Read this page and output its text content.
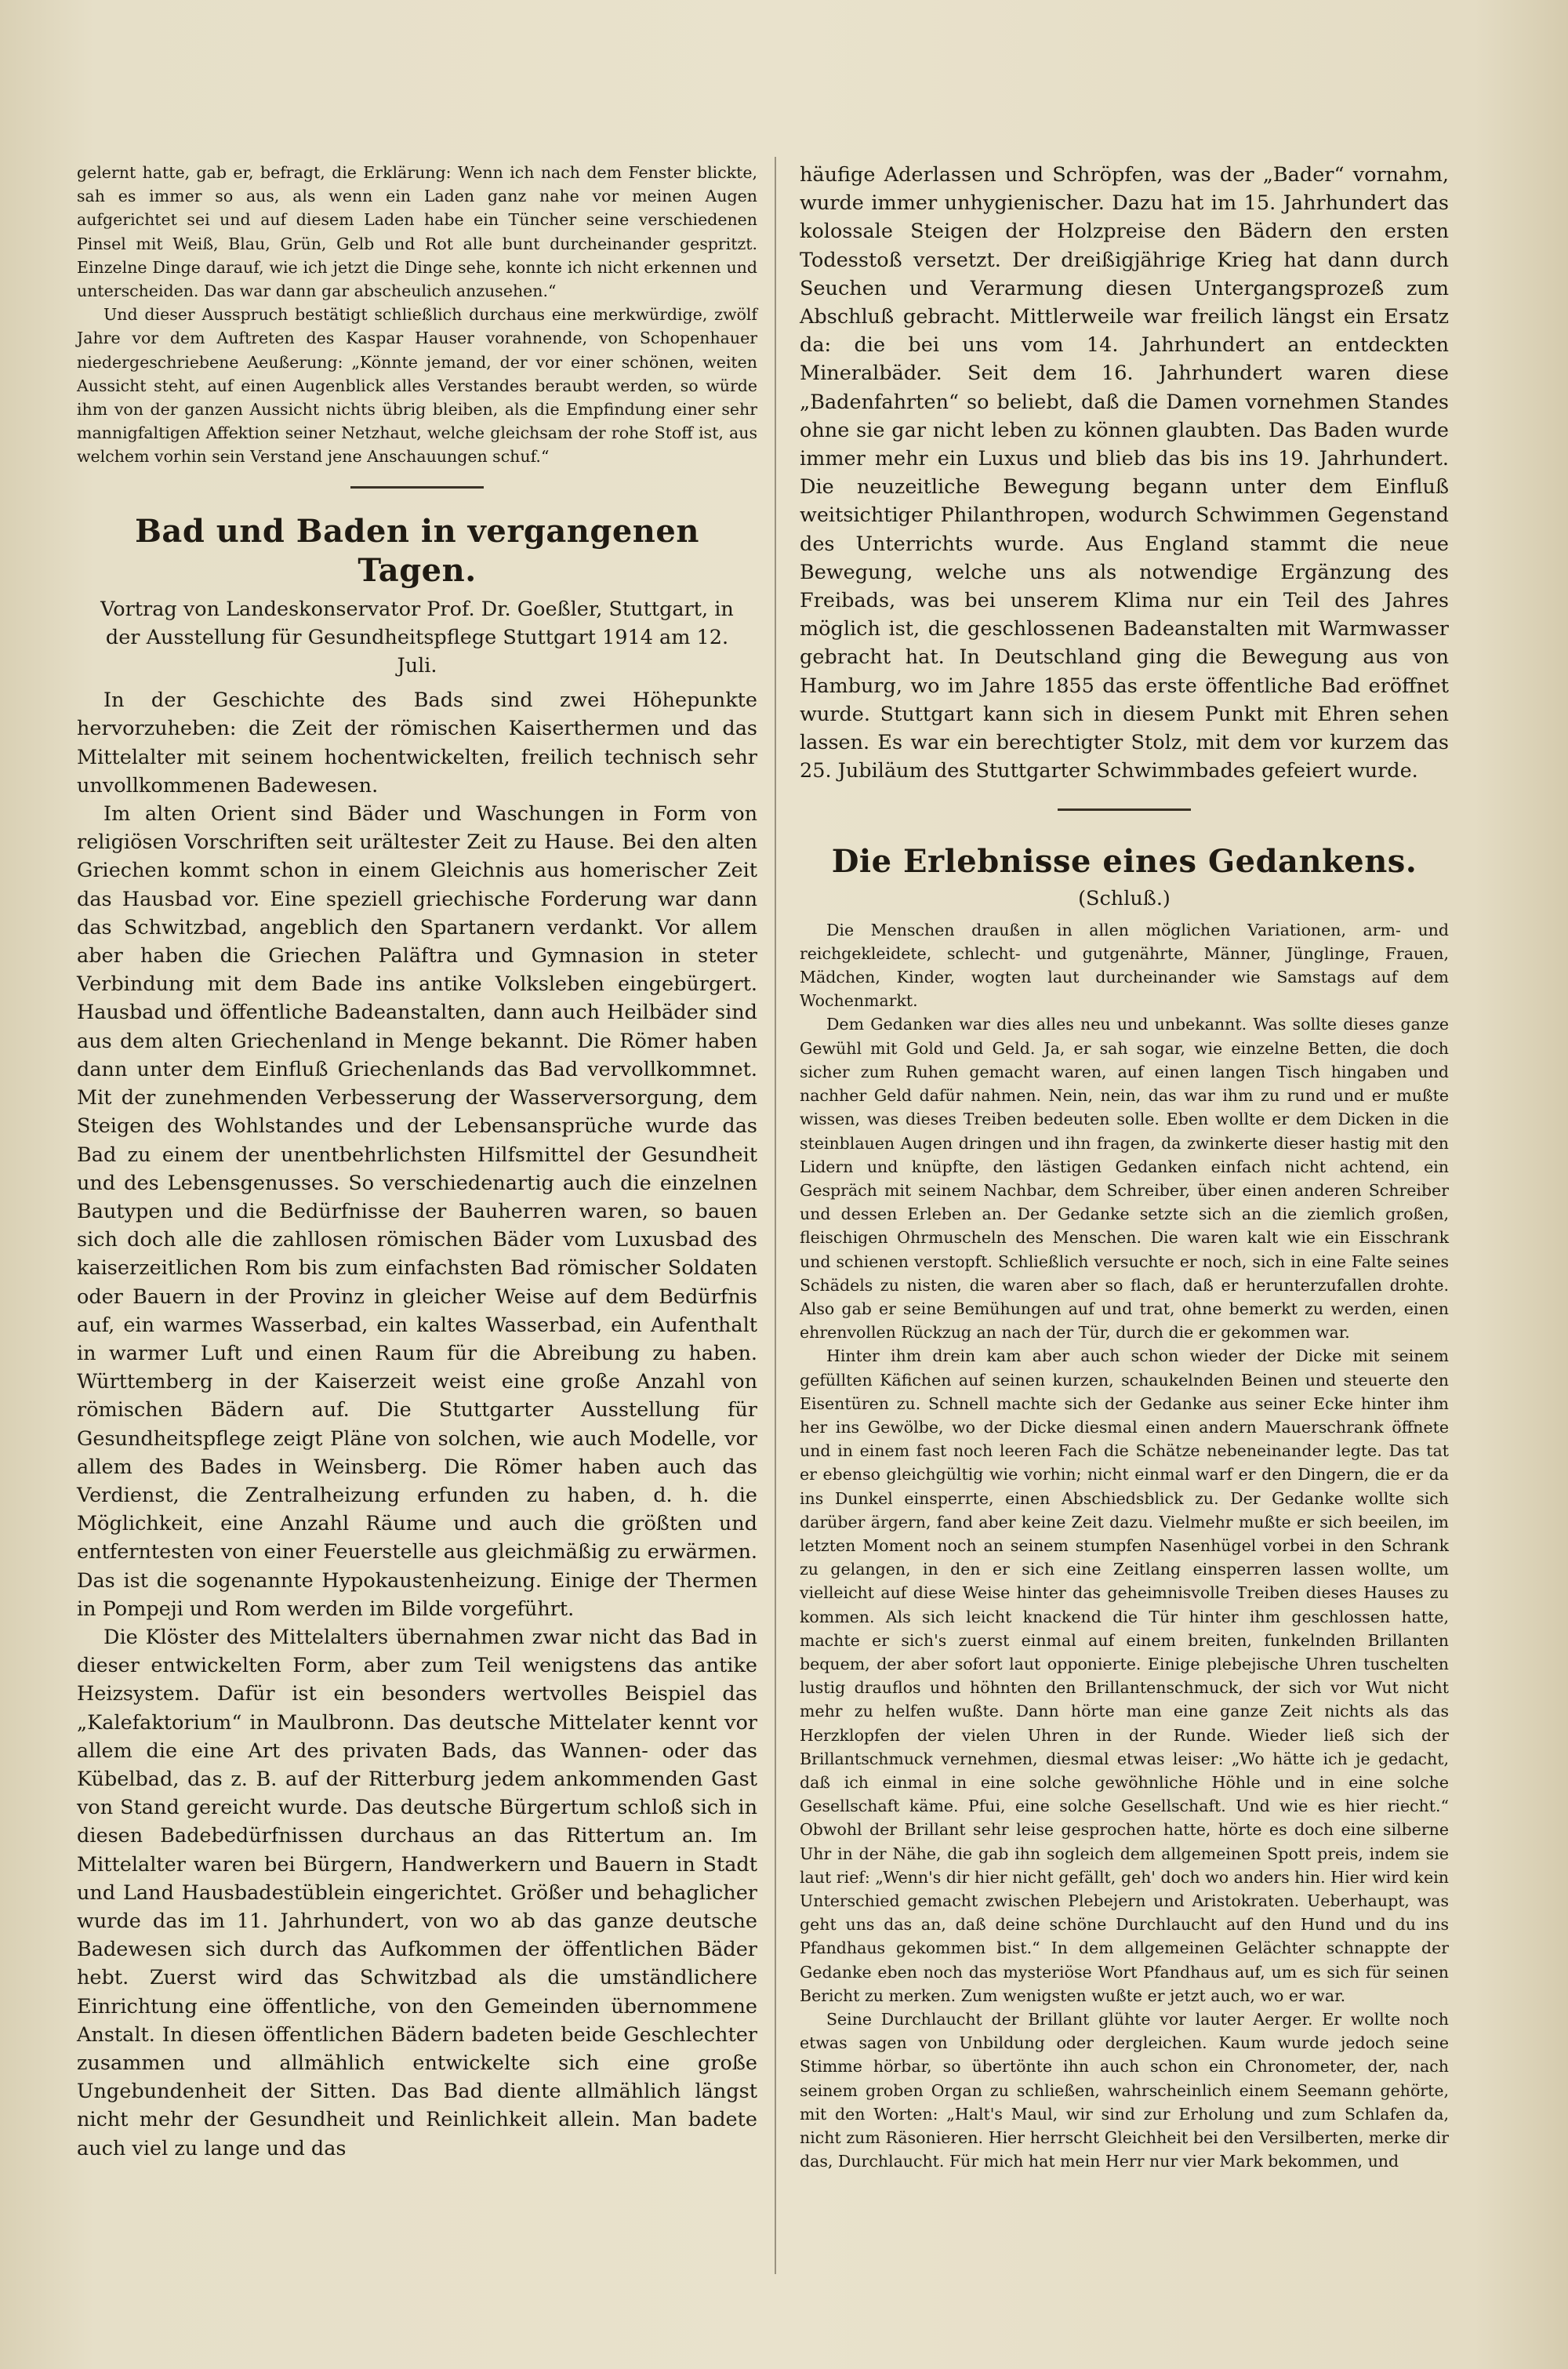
gelernt hatte, gab er, befragt, die Erklärung: Wenn ich nach dem Fenster blickte, sah es immer so aus, als wenn ein Laden ganz nahe vor meinen Augen aufgerichtet sei und auf diesem Laden habe ein Tüncher seine verschiedenen Pinsel mit Weiß, Blau, Grün, Gelb und Rot alle bunt durcheinander gespritzt. Einzelne Dinge darauf, wie ich jetzt die Dinge sehe, konnte ich nicht erkennen und unterscheiden. Das war dann gar abscheulich anzusehen.“

Und dieser Ausspruch bestätigt schließlich durchaus eine merkwürdige, zwölf Jahre vor dem Auftreten des Kaspar Hauser vorahnende, von Schopenhauer niedergeschriebene Aeußerung: „Könnte jemand, der vor einer schönen, weiten Aussicht steht, auf einen Augenblick alles Verstandes beraubt werden, so würde ihm von der ganzen Aussicht nichts übrig bleiben, als die Empfindung einer sehr mannigfaltigen Affektion seiner Netzhaut, welche gleichsam der rohe Stoff ist, aus welchem vorhin sein Verstand jene Anschauungen schuf.“

Bad und Baden in vergangenen Tagen.

Vortrag von Landeskonservator Prof. Dr. Goeßler, Stuttgart, in der Ausstellung für Gesundheitspflege Stuttgart 1914 am 12. Juli.

In der Geschichte des Bads sind zwei Höhepunkte hervorzuheben: die Zeit der römischen Kaiserthermen und das Mittelalter mit seinem hochentwickelten, freilich technisch sehr unvollkommenen Badewesen.

Im alten Orient sind Bäder und Waschungen in Form von religiösen Vorschriften seit urältester Zeit zu Hause. Bei den alten Griechen kommt schon in einem Gleichnis aus homerischer Zeit das Hausbad vor. Eine speziell griechische Forderung war dann das Schwitzbad, angeblich den Spartanern verdankt. Vor allem aber haben die Griechen Paläftra und Gymnasion in steter Verbindung mit dem Bade ins antike Volksleben eingebürgert. Hausbad und öffentliche Badeanstalten, dann auch Heilbäder sind aus dem alten Griechenland in Menge bekannt. Die Römer haben dann unter dem Einfluß Griechenlands das Bad vervollkommnet. Mit der zunehmenden Verbesserung der Wasserversorgung, dem Steigen des Wohlstandes und der Lebensansprüche wurde das Bad zu einem der unentbehrlichsten Hilfsmittel der Gesundheit und des Lebensgenusses. So verschiedenartig auch die einzelnen Bautypen und die Bedürfnisse der Bauherren waren, so bauen sich doch alle die zahllosen römischen Bäder vom Luxusbad des kaiserzeitlichen Rom bis zum einfachsten Bad römischer Soldaten oder Bauern in der Provinz in gleicher Weise auf dem Bedürfnis auf, ein warmes Wasserbad, ein kaltes Wasserbad, ein Aufenthalt in warmer Luft und einen Raum für die Abreibung zu haben. Württemberg in der Kaiserzeit weist eine große Anzahl von römischen Bädern auf. Die Stuttgarter Ausstellung für Gesundheitspflege zeigt Pläne von solchen, wie auch Modelle, vor allem des Bades in Weinsberg. Die Römer haben auch das Verdienst, die Zentralheizung erfunden zu haben, d. h. die Möglichkeit, eine Anzahl Räume und auch die größten und entferntesten von einer Feuerstelle aus gleichmäßig zu erwärmen. Das ist die sogenannte Hypokaustenheizung. Einige der Thermen in Pompeji und Rom werden im Bilde vorgeführt.

Die Klöster des Mittelalters übernahmen zwar nicht das Bad in dieser entwickelten Form, aber zum Teil wenigstens das antike Heizsystem. Dafür ist ein besonders wertvolles Beispiel das „Kalefaktorium“ in Maulbronn. Das deutsche Mittelater kennt vor allem die eine Art des privaten Bads, das Wannen- oder das Kübelbad, das z. B. auf der Ritterburg jedem ankommenden Gast von Stand gereicht wurde. Das deutsche Bürgertum schloß sich in diesen Badebedürfnissen durchaus an das Rittertum an. Im Mittelalter waren bei Bürgern, Handwerkern und Bauern in Stadt und Land Hausbadestüblein eingerichtet. Größer und behaglicher wurde das im 11. Jahrhundert, von wo ab das ganze deutsche Badewesen sich durch das Aufkommen der öffentlichen Bäder hebt. Zuerst wird das Schwitzbad als die umständlichere Einrichtung eine öffentliche, von den Gemeinden übernommene Anstalt. In diesen öffentlichen Bädern badeten beide Geschlechter zusammen und allmählich entwickelte sich eine große Ungebundenheit der Sitten. Das Bad diente allmählich längst nicht mehr der Gesundheit und Reinlichkeit allein. Man badete auch viel zu lange und das

häufige Aderlassen und Schröpfen, was der „Bader“ vornahm, wurde immer unhygienischer. Dazu hat im 15. Jahrhundert das kolossale Steigen der Holzpreise den Bädern den ersten Todesstoß versetzt. Der dreißigjährige Krieg hat dann durch Seuchen und Verarmung diesen Untergangsprozeß zum Abschluß gebracht. Mittlerweile war freilich längst ein Ersatz da: die bei uns vom 14. Jahrhundert an entdeckten Mineralbäder. Seit dem 16. Jahrhundert waren diese „Badenfahrten“ so beliebt, daß die Damen vornehmen Standes ohne sie gar nicht leben zu können glaubten. Das Baden wurde immer mehr ein Luxus und blieb das bis ins 19. Jahrhundert. Die neuzeitliche Bewegung begann unter dem Einfluß weitsichtiger Philanthropen, wodurch Schwimmen Gegenstand des Unterrichts wurde. Aus England stammt die neue Bewegung, welche uns als notwendige Ergänzung des Freibads, was bei unserem Klima nur ein Teil des Jahres möglich ist, die geschlossenen Badeanstalten mit Warmwasser gebracht hat. In Deutschland ging die Bewegung aus von Hamburg, wo im Jahre 1855 das erste öffentliche Bad eröffnet wurde. Stuttgart kann sich in diesem Punkt mit Ehren sehen lassen. Es war ein berechtigter Stolz, mit dem vor kurzem das 25. Jubiläum des Stuttgarter Schwimmbades gefeiert wurde.

Die Erlebnisse eines Gedankens.

(Schluß.)

Die Menschen draußen in allen möglichen Variationen, arm- und reichgekleidete, schlecht- und gutgenährte, Männer, Jünglinge, Frauen, Mädchen, Kinder, wogten laut durcheinander wie Samstags auf dem Wochenmarkt.

Dem Gedanken war dies alles neu und unbekannt. Was sollte dieses ganze Gewühl mit Gold und Geld. Ja, er sah sogar, wie einzelne Betten, die doch sicher zum Ruhen gemacht waren, auf einen langen Tisch hingaben und nachher Geld dafür nahmen. Nein, nein, das war ihm zu rund und er mußte wissen, was dieses Treiben bedeuten solle. Eben wollte er dem Dicken in die steinblauen Augen dringen und ihn fragen, da zwinkerte dieser hastig mit den Lidern und knüpfte, den lästigen Gedanken einfach nicht achtend, ein Gespräch mit seinem Nachbar, dem Schreiber, über einen anderen Schreiber und dessen Erleben an. Der Gedanke setzte sich an die ziemlich großen, fleischigen Ohrmuscheln des Menschen. Die waren kalt wie ein Eisschrank und schienen verstopft. Schließlich versuchte er noch, sich in eine Falte seines Schädels zu nisten, die waren aber so flach, daß er herunterzufallen drohte. Also gab er seine Bemühungen auf und trat, ohne bemerkt zu werden, einen ehrenvollen Rückzug an nach der Tür, durch die er gekommen war.

Hinter ihm drein kam aber auch schon wieder der Dicke mit seinem gefüllten Käfichen auf seinen kurzen, schaukelnden Beinen und steuerte den Eisentüren zu. Schnell machte sich der Gedanke aus seiner Ecke hinter ihm her ins Gewölbe, wo der Dicke diesmal einen andern Mauerschrank öffnete und in einem fast noch leeren Fach die Schätze nebeneinander legte. Das tat er ebenso gleichgültig wie vorhin; nicht einmal warf er den Dingern, die er da ins Dunkel einsperrte, einen Abschiedsblick zu. Der Gedanke wollte sich darüber ärgern, fand aber keine Zeit dazu. Vielmehr mußte er sich beeilen, im letzten Moment noch an seinem stumpfen Nasenhügel vorbei in den Schrank zu gelangen, in den er sich eine Zeitlang einsperren lassen wollte, um vielleicht auf diese Weise hinter das geheimnisvolle Treiben dieses Hauses zu kommen. Als sich leicht knackend die Tür hinter ihm geschlossen hatte, machte er sich's zuerst einmal auf einem breiten, funkelnden Brillanten bequem, der aber sofort laut opponierte. Einige plebejische Uhren tuschelten lustig drauflos und höhnten den Brillantenschmuck, der sich vor Wut nicht mehr zu helfen wußte. Dann hörte man eine ganze Zeit nichts als das Herzklopfen der vielen Uhren in der Runde. Wieder ließ sich der Brillantschmuck vernehmen, diesmal etwas leiser: „Wo hätte ich je gedacht, daß ich einmal in eine solche gewöhnliche Höhle und in eine solche Gesellschaft käme. Pfui, eine solche Gesellschaft. Und wie es hier riecht.“ Obwohl der Brillant sehr leise gesprochen hatte, hörte es doch eine silberne Uhr in der Nähe, die gab ihn sogleich dem allgemeinen Spott preis, indem sie laut rief: „Wenn's dir hier nicht gefällt, geh' doch wo anders hin. Hier wird kein Unterschied gemacht zwischen Plebejern und Aristokraten. Ueberhaupt, was geht uns das an, daß deine schöne Durchlaucht auf den Hund und du ins Pfandhaus gekommen bist.“ In dem allgemeinen Gelächter schnappte der Gedanke eben noch das mysteriöse Wort Pfandhaus auf, um es sich für seinen Bericht zu merken. Zum wenigsten wußte er jetzt auch, wo er war.

Seine Durchlaucht der Brillant glühte vor lauter Aerger. Er wollte noch etwas sagen von Unbildung oder dergleichen. Kaum wurde jedoch seine Stimme hörbar, so übertönte ihn auch schon ein Chronometer, der, nach seinem groben Organ zu schließen, wahrscheinlich einem Seemann gehörte, mit den Worten: „Halt's Maul, wir sind zur Erholung und zum Schlafen da, nicht zum Räsonieren. Hier herrscht Gleichheit bei den Versilberten, merke dir das, Durchlaucht. Für mich hat mein Herr nur vier Mark bekommen, und
